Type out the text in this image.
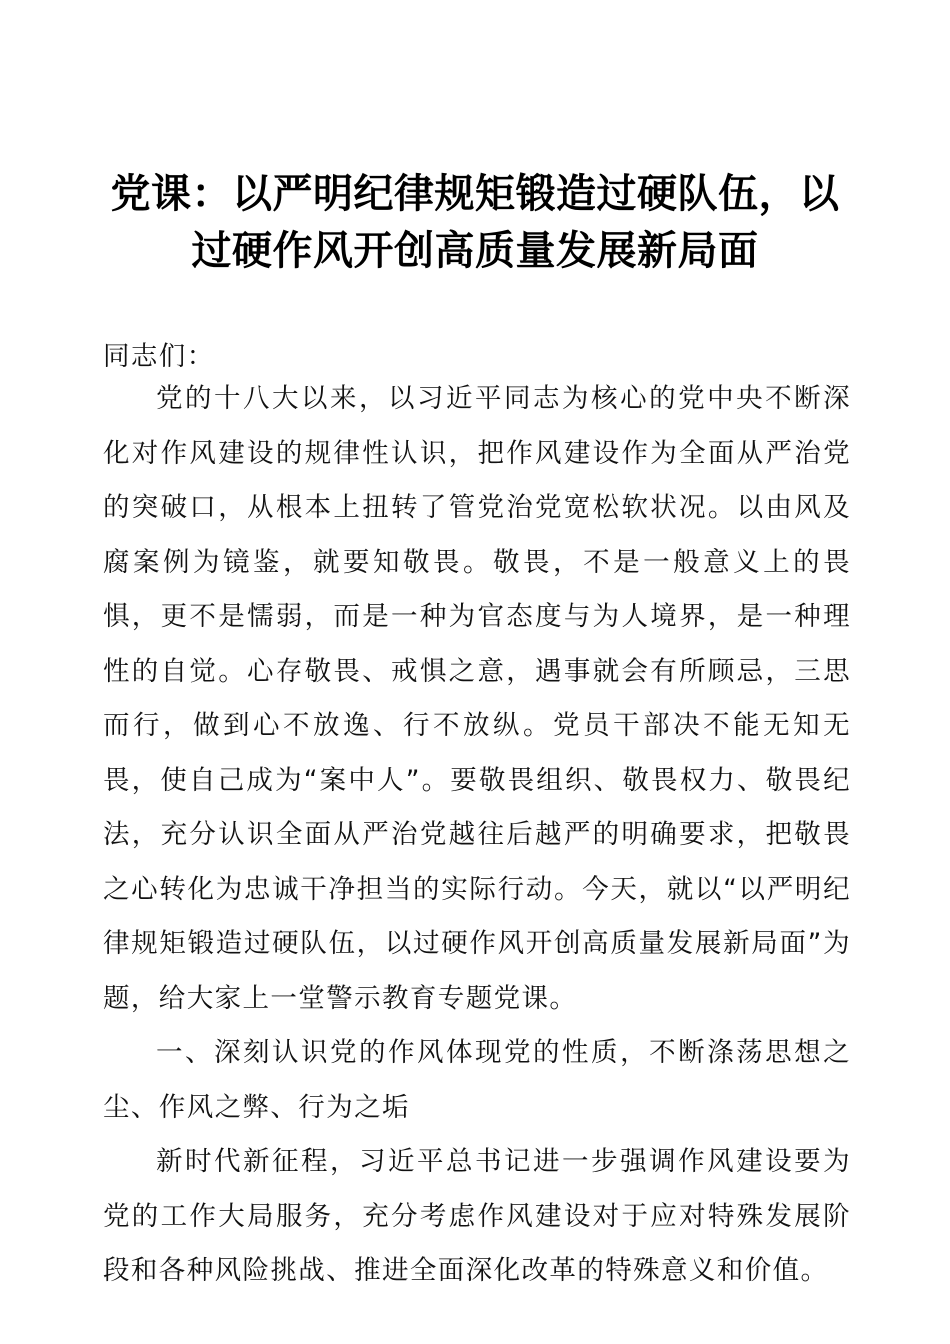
党课：以严明纪律规矩锻造过硬队伍，以过硬作风开创高质量发展新局面

同志们：

党的十八大以来，以习近平同志为核心的党中央不断深化对作风建设的规律性认识，把作风建设作为全面从严治党的突破口，从根本上扭转了管党治党宽松软状况。以由风及腐案例为镜鉴，就要知敬畏。敬畏，不是一般意义上的畏惧，更不是懦弱，而是一种为官态度与为人境界，是一种理性的自觉。心存敬畏、戒惧之意，遇事就会有所顾忌，三思而行，做到心不放逸、行不放纵。党员干部决不能无知无畏，使自己成为“案中人”。要敬畏组织、敬畏权力、敬畏纪法，充分认识全面从严治党越往后越严的明确要求，把敬畏之心转化为忠诚干净担当的实际行动。今天，就以“以严明纪律规矩锻造过硬队伍，以过硬作风开创高质量发展新局面”为题，给大家上一堂警示教育专题党课。
一、深刻认识党的作风体现党的性质，不断涤荡思想之尘、作风之弊、行为之垢
新时代新征程，习近平总书记进一步强调作风建设要为党的工作大局服务，充分考虑作风建设对于应对特殊发展阶段和各种风险挑战、推进全面深化改革的特殊意义和价值。
